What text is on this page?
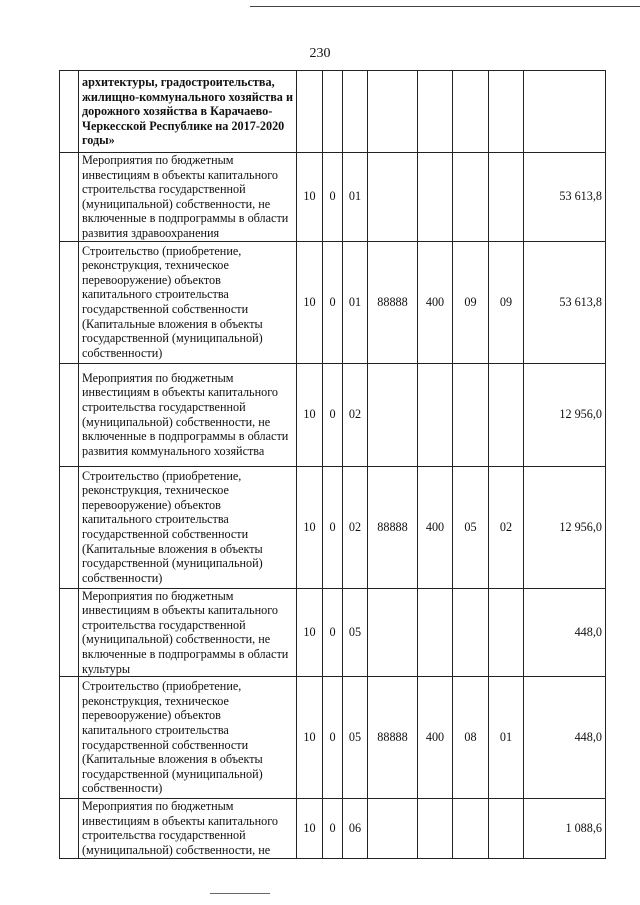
230
	архитектуры, градостроительства, жилищно-коммунального хозяйства и дорожного хозяйства в Карачаево-Черкесской Республике на 2017-2020 годы»								
	Мероприятия по бюджетным инвестициям в объекты капитального строительства государственной (муниципальной) собственности, не включенные в подпрограммы в области развития здравоохранения	10	0	01					53 613,8
	Строительство (приобретение, реконструкция, техническое перевооружение) объектов капитального строительства государственной собственности (Капитальные вложения в объекты государственной (муниципальной) собственности)	10	0	01	88888	400	09	09	53 613,8
	Мероприятия по бюджетным инвестициям в объекты капитального строительства государственной (муниципальной) собственности, не включенные в подпрограммы в области развития коммунального хозяйства	10	0	02					12 956,0
	Строительство (приобретение, реконструкция, техническое перевооружение) объектов капитального строительства государственной собственности (Капитальные вложения в объекты государственной (муниципальной) собственности)	10	0	02	88888	400	05	02	12 956,0
	Мероприятия по бюджетным инвестициям в объекты капитального строительства государственной (муниципальной) собственности, не включенные в подпрограммы в области культуры	10	0	05					448,0
	Строительство (приобретение, реконструкция, техническое перевооружение) объектов капитального строительства государственной собственности (Капитальные вложения в объекты государственной (муниципальной) собственности)	10	0	05	88888	400	08	01	448,0
	Мероприятия по бюджетным инвестициям в объекты капитального строительства государственной (муниципальной) собственности, не	10	0	06					1 088,6
